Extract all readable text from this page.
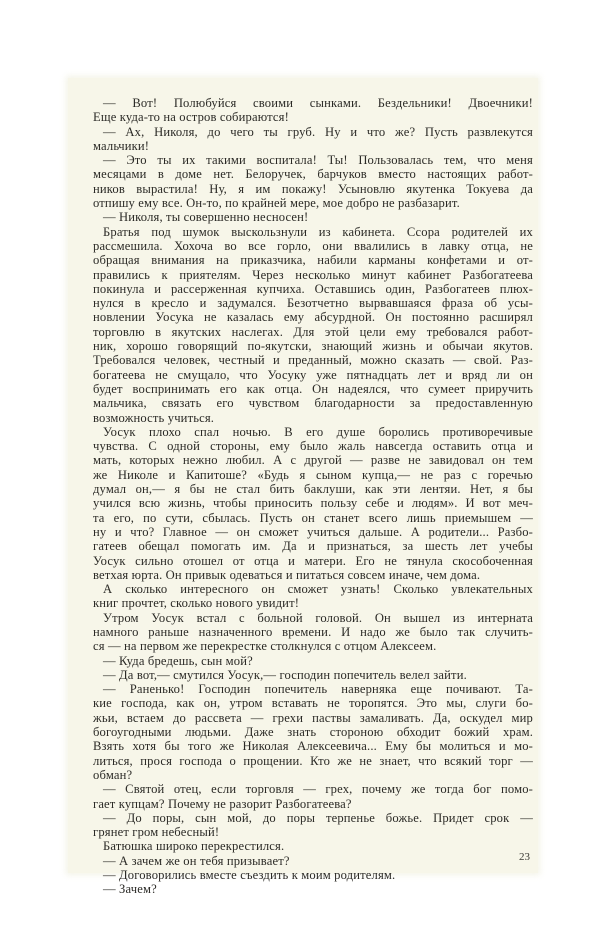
— Вот! Полюбуйся своими сынками. Бездельники! Двоечники!
Еще куда-то на остров собираются!
— Ах, Николя, до чего ты груб. Ну и что же? Пусть развлекутся
мальчики!
— Это ты их такими воспитала! Ты! Пользовалась тем, что меня
месяцами в доме нет. Белоручек, барчуков вместо настоящих работ-
ников вырастила! Ну, я им покажу! Усыновлю якутенка Токуева да
отпишу ему все. Он-то, по крайней мере, мое добро не разбазарит.
— Николя, ты совершенно несносен!
Братья под шумок выскользнули из кабинета. Ссора родителей их
рассмешила. Хохоча во все горло, они ввалились в лавку отца, не
обращая внимания на приказчика, набили карманы конфетами и от-
правились к приятелям. Через несколько минут кабинет Разбогатеева
покинула и рассерженная купчиха. Оставшись один, Разбогатеев плюх-
нулся в кресло и задумался. Безотчетно вырвавшаяся фраза об усы-
новлении Уосука не казалась ему абсурдной. Он постоянно расширял
торговлю в якутских наслегах. Для этой цели ему требовался работ-
ник, хорошо говорящий по-якутски, знающий жизнь и обычаи якутов.
Требовался человек, честный и преданный, можно сказать — свой. Раз-
богатеева не смущало, что Уосуку уже пятнадцать лет и вряд ли он
будет воспринимать его как отца. Он надеялся, что сумеет приручить
мальчика, связать его чувством благодарности за предоставленную
возможность учиться.
Уосук плохо спал ночью. В его душе боролись противоречивые
чувства. С одной стороны, ему было жаль навсегда оставить отца и
мать, которых нежно любил. А с другой — разве не завидовал он тем
же Николе и Капитоше? «Будь я сыном купца,— не раз с горечью
думал он,— я бы не стал бить баклуши, как эти лентяи. Нет, я бы
учился всю жизнь, чтобы приносить пользу себе и людям». И вот меч-
та его, по сути, сбылась. Пусть он станет всего лишь приемышем —
ну и что? Главное — он сможет учиться дальше. А родители... Разбо-
гатеев обещал помогать им. Да и признаться, за шесть лет учебы
Уосук сильно отошел от отца и матери. Его не тянула скособоченная
ветхая юрта. Он привык одеваться и питаться совсем иначе, чем дома.
А сколько интересного он сможет узнать! Сколько увлекательных
книг прочтет, сколько нового увидит!
Утром Уосук встал с больной головой. Он вышел из интерната
намного раньше назначенного времени. И надо же было так случить-
ся — на первом же перекрестке столкнулся с отцом Алексеем.
— Куда бредешь, сын мой?
— Да вот,— смутился Уосук,— господин попечитель велел зайти.
— Раненько! Господин попечитель наверняка еще почивают. Та-
кие господа, как он, утром вставать не торопятся. Это мы, слуги бо-
жьи, встаем до рассвета — грехи паствы замаливать. Да, оскудел мир
богоугодными людьми. Даже знать стороною обходит божий храм.
Взять хотя бы того же Николая Алексеевича... Ему бы молиться и мо-
литься, прося господа о прощении. Кто же не знает, что всякий торг —
обман?
— Святой отец, если торговля — грех, почему же тогда бог помо-
гает купцам? Почему не разорит Разбогатеева?
— До поры, сын мой, до поры терпенье божье. Придет срок —
грянет гром небесный!
Батюшка широко перекрестился.
— А зачем же он тебя призывает?
— Договорились вместе съездить к моим родителям.
— Зачем?
23
